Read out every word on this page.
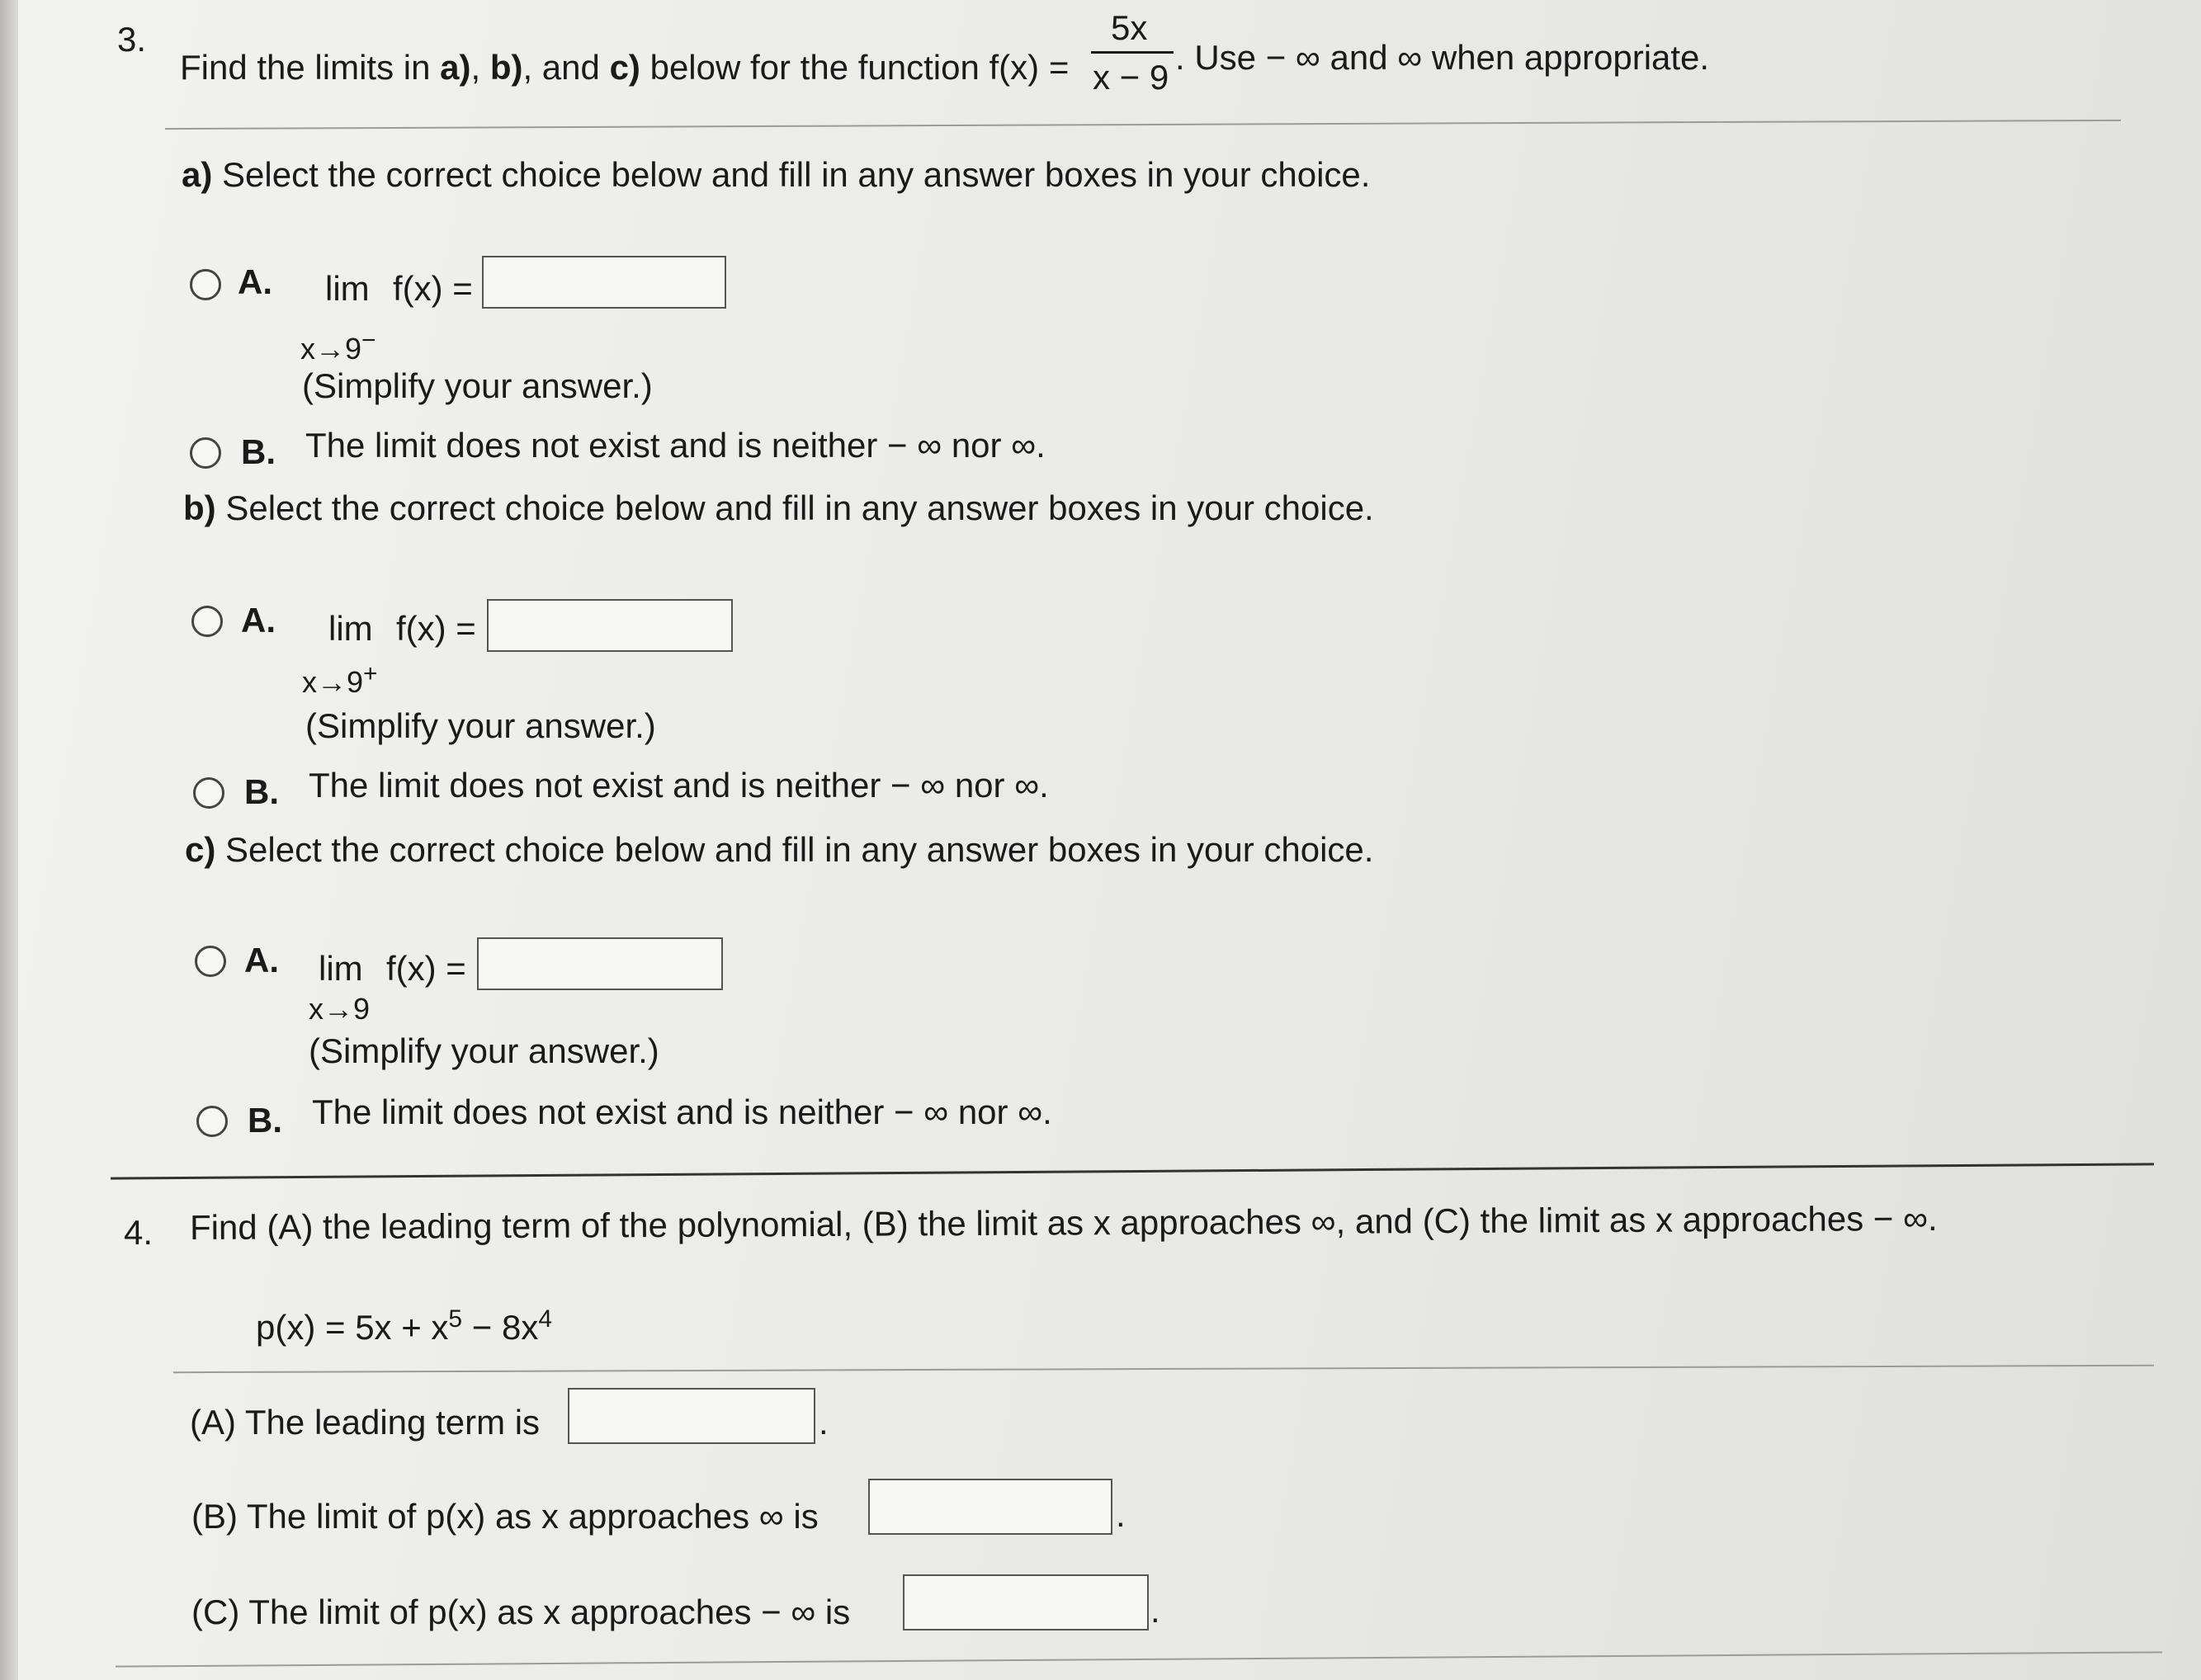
3.
Find the limits in a), b), and c) below for the function f(x) =
5x
x − 9
. Use − ∞ and ∞ when appropriate.
a) Select the correct choice below and fill in any answer boxes in your choice.
A. lim f(x) =
x→9−
(Simplify your answer.)
B. The limit does not exist and is neither − ∞ nor ∞.
b) Select the correct choice below and fill in any answer boxes in your choice.
A. lim f(x) =
x→9+
(Simplify your answer.)
B. The limit does not exist and is neither − ∞ nor ∞.
c) Select the correct choice below and fill in any answer boxes in your choice.
A. lim f(x) =
x→9
(Simplify your answer.)
B. The limit does not exist and is neither − ∞ nor ∞.
4. Find (A) the leading term of the polynomial, (B) the limit as x approaches ∞, and (C) the limit as x approaches − ∞.
$p(x) = 5x + x^5 - 8x^4$
(A) The leading term is	.
(B) The limit of p(x) as x approaches ∞ is	.
(C) The limit of p(x) as x approaches − ∞ is	.
